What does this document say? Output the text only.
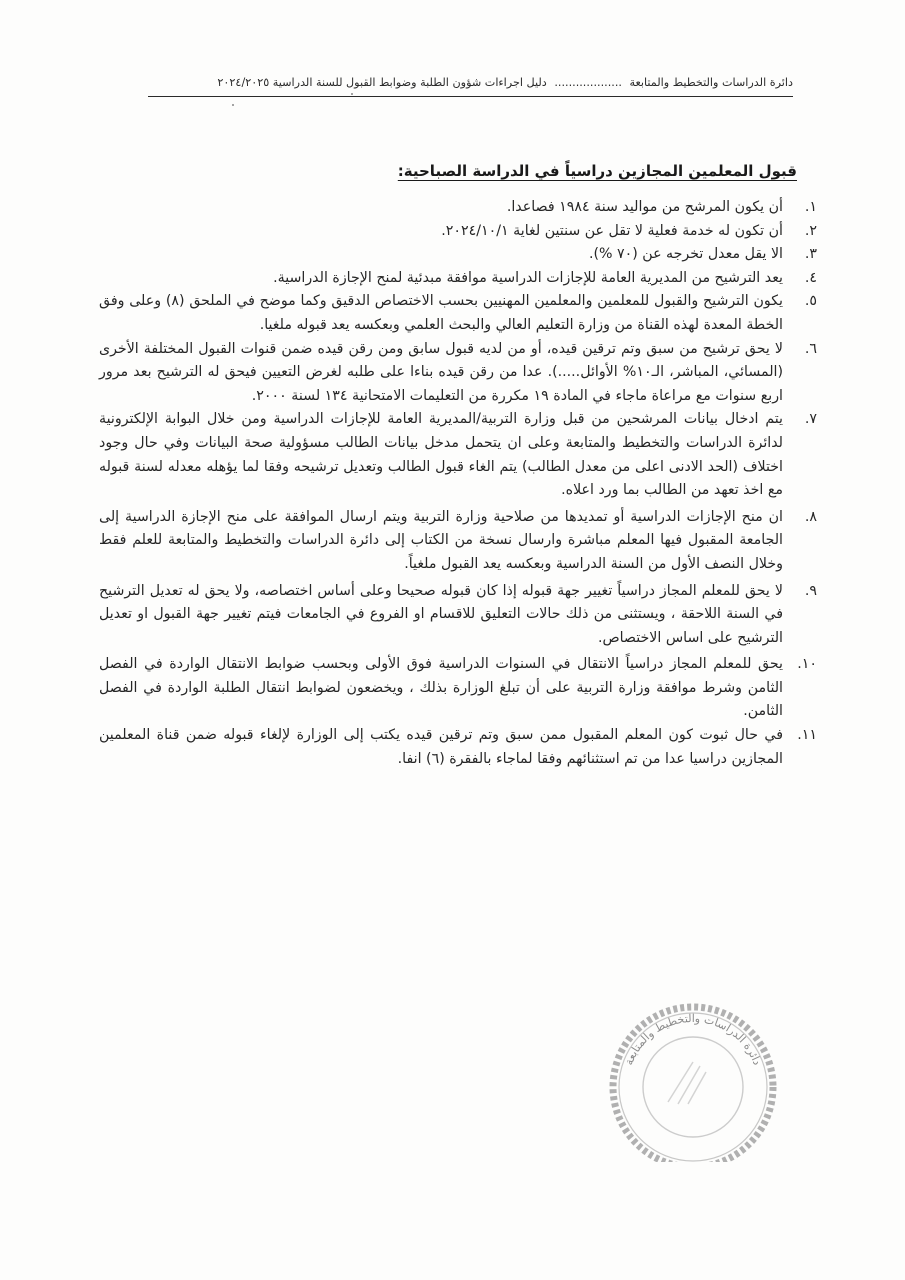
دائرة الدراسات والتخطيط والمتابعة ................... دليل اجراءات شؤون الطلبة وضوابط القبول للسنة الدراسية ٢٠٢٤/٢٠٢٥
قبول المعلمين المجازين دراسياً في الدراسة الصباحية:
١.
أن يكون المرشح من مواليد سنة ١٩٨٤ فصاعدا.
٢.
أن تكون له خدمة فعلية لا تقل عن سنتين لغاية ٢٠٢٤/١٠/١.
٣.
الا يقل معدل تخرجه عن (٧٠ %).
٤.
يعد الترشيح من المديرية العامة للإجازات الدراسية موافقة مبدئية لمنح الإجازة الدراسية.
٥.
يكون الترشيح والقبول للمعلمين والمعلمين المهنيين بحسب الاختصاص الدقيق وكما موضح في الملحق (٨) وعلى وفق الخطة المعدة لهذه القناة من وزارة التعليم العالي والبحث العلمي وبعكسه يعد قبوله ملغيا.
٦.
لا يحق ترشيح من سبق وتم ترقين قيده، أو من لديه قبول سابق ومن رقن قيده ضمن قنوات القبول المختلفة الأخرى (المسائي، المباشر، الـ١٠% الأوائل.....). عدا من رقن قيده بناءا على طلبه لغرض التعيين فيحق له الترشيح بعد مرور اربع سنوات مع مراعاة ماجاء في المادة ١٩ مكررة من التعليمات الامتحانية ١٣٤ لسنة ٢٠٠٠.
٧.
يتم ادخال بيانات المرشحين من قبل وزارة التربية/المديرية العامة للإجازات الدراسية ومن خلال البوابة الإلكترونية لدائرة الدراسات والتخطيط والمتابعة وعلى ان يتحمل مدخل بيانات الطالب مسؤولية صحة البيانات وفي حال وجود اختلاف (الحد الادنى اعلى من معدل الطالب) يتم الغاء قبول الطالب وتعديل ترشيحه وفقا لما يؤهله معدله لسنة قبوله مع اخذ تعهد من الطالب بما ورد اعلاه.
٨.
ان منح الإجازات الدراسية أو تمديدها من صلاحية وزارة التربية ويتم ارسال الموافقة على منح الإجازة الدراسية إلى الجامعة المقبول فيها المعلم مباشرة وارسال نسخة من الكتاب إلى دائرة الدراسات والتخطيط والمتابعة للعلم فقط وخلال النصف الأول من السنة الدراسية وبعكسه يعد القبول ملغياً.
٩.
لا يحق للمعلم المجاز دراسياً تغيير جهة قبوله إذا كان قبوله صحيحا وعلى أساس اختصاصه، ولا يحق له تعديل الترشيح في السنة اللاحقة ، ويستثنى من ذلك حالات التعليق للاقسام او الفروع في الجامعات فيتم تغيير جهة القبول او تعديل الترشيح على اساس الاختصاص.
١٠.
يحق للمعلم المجاز دراسياً الانتقال في السنوات الدراسية فوق الأولى وبحسب ضوابط الانتقال الواردة في الفصل الثامن وشرط موافقة وزارة التربية على أن تبلغ الوزارة بذلك ، ويخضعون لضوابط انتقال الطلبة الواردة في الفصل الثامن.
١١.
في حال ثبوت كون المعلم المقبول ممن سبق وتم ترقين قيده يكتب إلى الوزارة لإلغاء قبوله ضمن قناة المعلمين المجازين دراسيا عدا من تم استثنائهم وفقا لماجاء بالفقرة (٦) انفا.
دائرة الدراسات والتخطيط والمتابعة
